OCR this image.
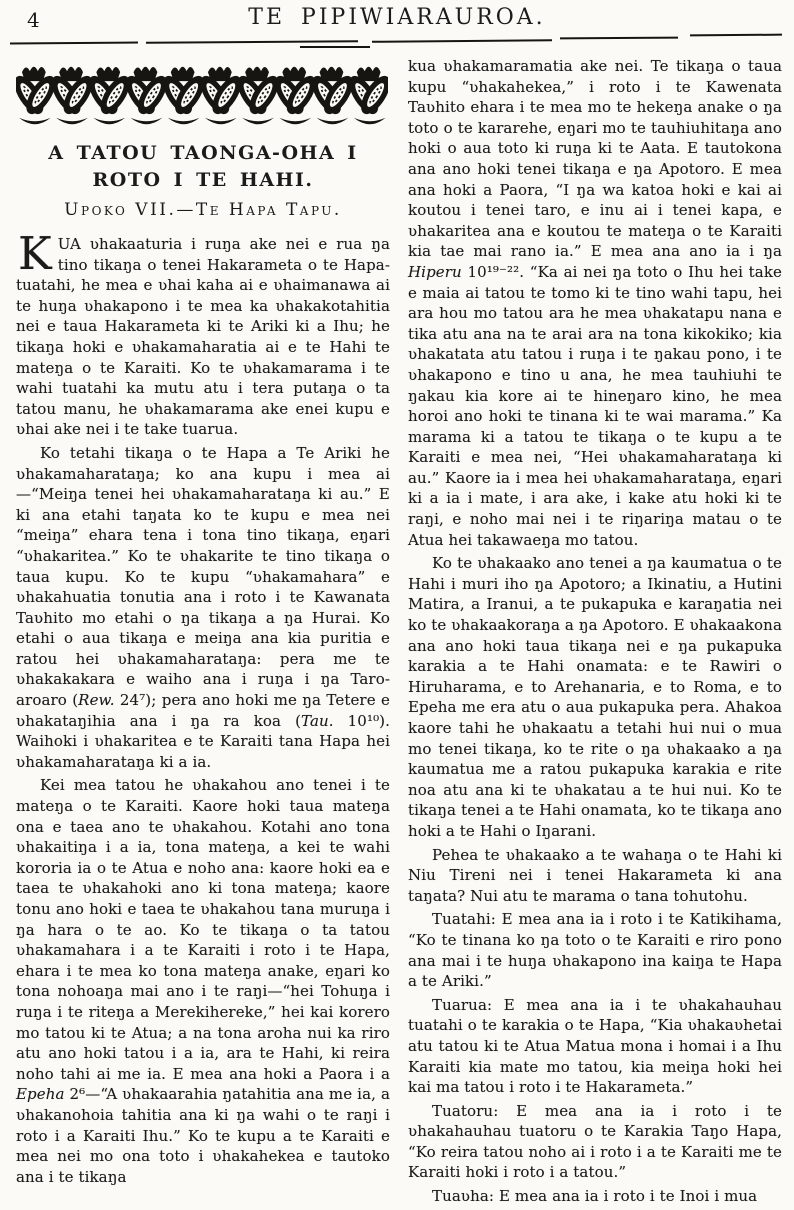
4	TE PIPIWIARAUROA.
A TATOU TAONGA-OHA I ROTO I TE HAHI.
Upoko VII.—Te Hapa Tapu.

KUA ʋhakaaturia i ruŋa ake nei e rua ŋa tino tikaŋa o tenei Hakarameta o te Hapa-tuatahi, he mea e ʋhai kaha ai e ʋhaimanawa ai te huŋa ʋhakapono i te mea ka ʋhakakotahitia nei e taua Hakarameta ki te Ariki ki a Ihu; he tikaŋa hoki e ʋhakamaharatia ai e te Hahi te mateŋa o te Karaiti. Ko te ʋhakamarama i te wahi tuatahi ka mutu atu i tera putaŋa o ta tatou manu, he ʋhakamarama ake enei kupu e ʋhai ake nei i te take tuarua.

Ko tetahi tikaŋa o te Hapa a Te Ariki he ʋhakamaharataŋa; ko ana kupu i mea ai—“Meiŋa tenei hei ʋhakamaharataŋa ki au.” E ki ana etahi taŋata ko te kupu e mea nei “meiŋa” ehara tena i tona tino tikaŋa, eŋari “ʋhakaritea.” Ko te ʋhakarite te tino tikaŋa o taua kupu. Ko te kupu “ʋhakamahara” e ʋhakahuatia tonutia ana i roto i te Kawanata Taʋhito mo etahi o ŋa tikaŋa a ŋa Hurai. Ko etahi o aua tikaŋa e meiŋa ana kia puritia e ratou hei ʋhakamaharataŋa: pera me te ʋhakakakara e waiho ana i ruŋa i ŋa Taro-aroaro (Rew. 24⁷); pera ano hoki me ŋa Tetere e ʋhakataŋihia ana i ŋa ra koa (Tau. 10¹⁰). Waihoki i ʋhakaritea e te Karaiti tana Hapa hei ʋhakamaharataŋa ki a ia.

Kei mea tatou he ʋhakahou ano tenei i te mateŋa o te Karaiti. Kaore hoki taua mateŋa ona e taea ano te ʋhakahou. Kotahi ano tona ʋhakaitiŋa i a ia, tona mateŋa, a kei te wahi kororia ia o te Atua e noho ana: kaore hoki ea e taea te ʋhakahoki ano ki tona mateŋa; kaore tonu ano hoki e taea te ʋhakahou tana muruŋa i ŋa hara o te ao. Ko te tikaŋa o ta tatou ʋhakamahara i a te Karaiti i roto i te Hapa, ehara i te mea ko tona mateŋa anake, eŋari ko tona nohoaŋa mai ano i te raŋi—“hei Tohuŋa i ruŋa i te riteŋa a Merekihereke,” hei kai korero mo tatou ki te Atua; a na tona aroha nui ka riro atu ano hoki tatou i a ia, ara te Hahi, ki reira noho tahi ai me ia. E mea ana hoki a Paora i a Epeha 2⁶—“A ʋhakaarahia ŋatahitia ana me ia, a ʋhakanohoia tahitia ana ki ŋa wahi o te raŋi i roto i a Karaiti Ihu.” Ko te kupu a te Karaiti e mea nei mo ona toto i ʋhakahekea e tautoko ana i te tikaŋa

kua ʋhakamaramatia ake nei. Te tikaŋa o taua kupu “ʋhakahekea,” i roto i te Kawenata Taʋhito ehara i te mea mo te hekeŋa anake o ŋa toto o te kararehe, eŋari mo te tauhiuhitaŋa ano hoki o aua toto ki ruŋa ki te Aata. E tautokona ana ano hoki tenei tikaŋa e ŋa Apotoro. E mea ana hoki a Paora, “I ŋa wa katoa hoki e kai ai koutou i tenei taro, e inu ai i tenei kapa, e ʋhakaritea ana e koutou te mateŋa o te Karaiti kia tae mai rano ia.” E mea ana ano ia i ŋa Hiperu 10¹⁹⁻²². “Ka ai nei ŋa toto o Ihu hei take e maia ai tatou te tomo ki te tino wahi tapu, hei ara hou mo tatou ara he mea ʋhakatapu nana e tika atu ana na te arai ara na tona kikokiko; kia ʋhakatata atu tatou i ruŋa i te ŋakau pono, i te ʋhakapono e tino u ana, he mea tauhiuhi te ŋakau kia kore ai te hineŋaro kino, he mea horoi ano hoki te tinana ki te wai marama.” Ka marama ki a tatou te tikaŋa o te kupu a te Karaiti e mea nei, “Hei ʋhakamaharataŋa ki au.” Kaore ia i mea hei ʋhakamaharataŋa, eŋari ki a ia i mate, i ara ake, i kake atu hoki ki te raŋi, e noho mai nei i te riŋariŋa matau o te Atua hei takawaeŋa mo tatou.

Ko te ʋhakaako ano tenei a ŋa kaumatua o te Hahi i muri iho ŋa Apotoro; a Ikinatiu, a Hutini Matira, a Iranui, a te pukapuka e karaŋatia nei ko te ʋhakaakoraŋa a ŋa Apotoro. E ʋhakaakona ana ano hoki taua tikaŋa nei e ŋa pukapuka karakia a te Hahi onamata: e te Rawiri o Hiruharama, e to Arehanaria, e to Roma, e to Epeha me era atu o aua pukapuka pera. Ahakoa kaore tahi he ʋhakaatu a tetahi hui nui o mua mo tenei tikaŋa, ko te rite o ŋa ʋhakaako a ŋa kaumatua me a ratou pukapuka karakia e rite noa atu ana ki te ʋhakatau a te hui nui. Ko te tikaŋa tenei a te Hahi onamata, ko te tikaŋa ano hoki a te Hahi o Iŋarani.

Pehea te ʋhakaako a te wahaŋa o te Hahi ki Niu Tireni nei i tenei Hakarameta ki ana taŋata? Nui atu te marama o tana tohutohu.

Tuatahi: E mea ana ia i roto i te Katikihama, “Ko te tinana ko ŋa toto o te Karaiti e riro pono ana mai i te huŋa ʋhakapono ina kaiŋa te Hapa a te Ariki.”

Tuarua: E mea ana ia i te ʋhakahauhau tuatahi o te karakia o te Hapa, “Kia ʋhakaʋhetai atu tatou ki te Atua Matua mona i homai i a Ihu Karaiti kia mate mo tatou, kia meiŋa hoki hei kai ma tatou i roto i te Hakarameta.”

Tuatoru: E mea ana ia i roto i te ʋhakahauhau tuatoru o te Karakia Taŋo Hapa, “Ko reira tatou noho ai i roto i a te Karaiti me te Karaiti hoki i roto i a tatou.”

Tuaʋha: E mea ana ia i roto i te Inoi i mua
